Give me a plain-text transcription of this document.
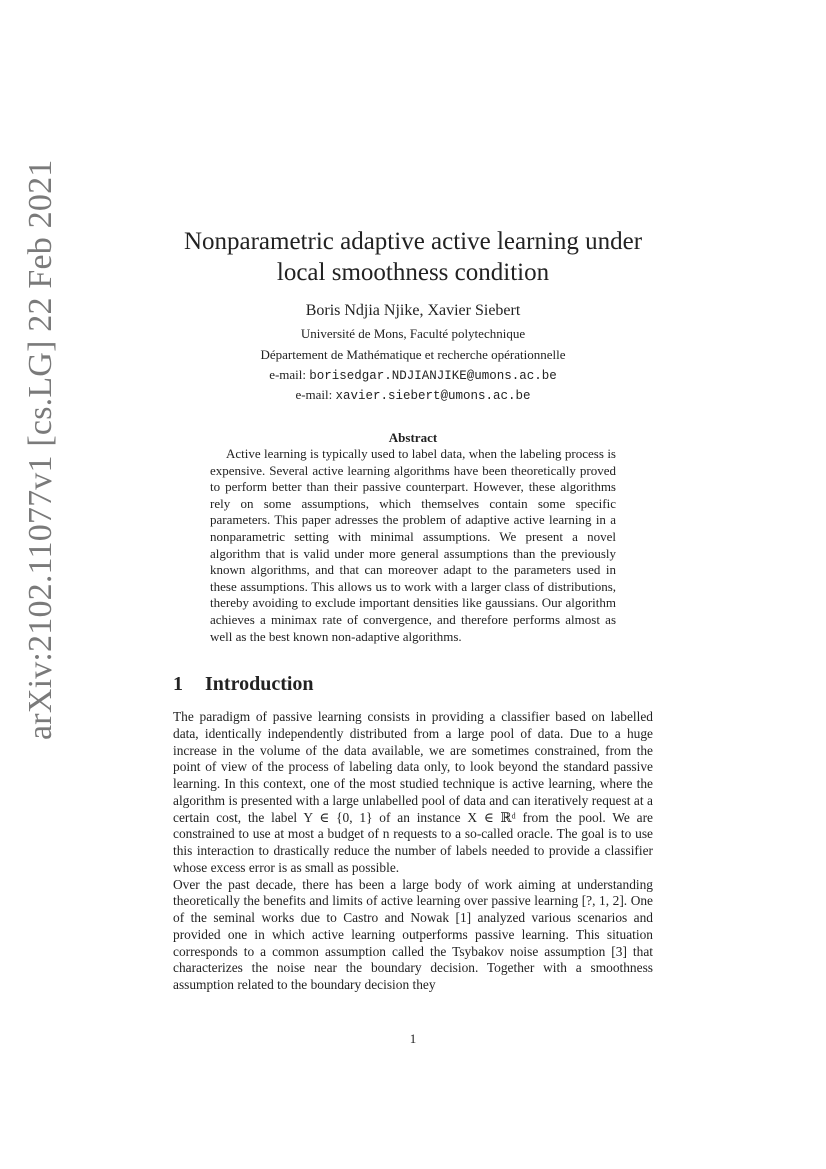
arXiv:2102.11077v1 [cs.LG] 22 Feb 2021	Nonparametric adaptive active learning under
local smoothness condition
Boris Ndjia Njike, Xavier Siebert
Université de Mons, Faculté polytechnique
Département de Mathématique et recherche opérationnelle
e-mail: borisedgar.NDJIANJIKE@umons.ac.be
e-mail: xavier.siebert@umons.ac.be
Abstract

Active learning is typically used to label data, when the labeling process is expensive. Several active learning algorithms have been theoretically proved to perform better than their passive counterpart. However, these algorithms rely on some assumptions, which themselves contain some specific parameters. This paper adresses the problem of adaptive active learning in a nonparametric setting with minimal assumptions. We present a novel algorithm that is valid under more general assumptions than the previously known algorithms, and that can moreover adapt to the parameters used in these assumptions. This allows us to work with a larger class of distributions, thereby avoiding to exclude important densities like gaussians. Our algorithm achieves a minimax rate of convergence, and therefore performs almost as well as the best known non-adaptive algorithms.

1 Introduction

The paradigm of passive learning consists in providing a classifier based on labelled data, identically independently distributed from a large pool of data. Due to a huge increase in the volume of the data available, we are sometimes constrained, from the point of view of the process of labeling data only, to look beyond the standard passive learning. In this context, one of the most studied technique is active learning, where the algorithm is presented with a large unlabelled pool of data and can iteratively request at a certain cost, the label Y ∈ {0, 1} of an instance X ∈ ℝᵈ from the pool. We are constrained to use at most a budget of n requests to a so-called oracle. The goal is to use this interaction to drastically reduce the number of labels needed to provide a classifier whose excess error is as small as possible.

Over the past decade, there has been a large body of work aiming at understanding theoretically the benefits and limits of active learning over passive learning [?, 1, 2]. One of the seminal works due to Castro and Nowak [1] analyzed various scenarios and provided one in which active learning outperforms passive learning. This situation corresponds to a common assumption called the Tsybakov noise assumption [3] that characterizes the noise near the boundary decision. Together with a smoothness assumption related to the boundary decision they

1
